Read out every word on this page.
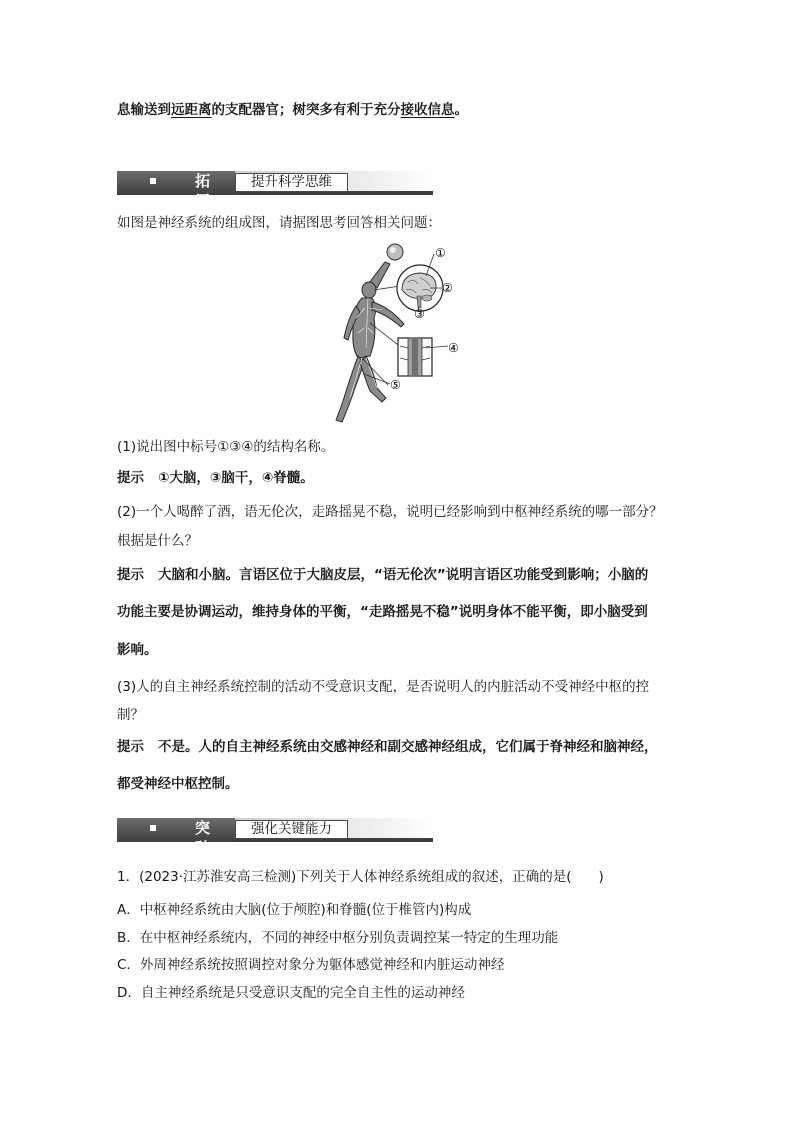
息输送到远距离的支配器官；树突多有利于充分接收信息。
拓展
提升科学思维
如图是神经系统的组成图，请据图思考回答相关问题：
①
②
③
④
⑤
(1)说出图中标号①③④的结构名称。
提示 ①大脑，③脑干，④脊髓。
(2)一个人喝醉了酒，语无伦次，走路摇晃不稳，说明已经影响到中枢神经系统的哪一部分？
根据是什么？
提示 大脑和小脑。言语区位于大脑皮层，“语无伦次”说明言语区功能受到影响；小脑的
功能主要是协调运动，维持身体的平衡，“走路摇晃不稳”说明身体不能平衡，即小脑受到
影响。
(3)人的自主神经系统控制的活动不受意识支配，是否说明人的内脏活动不受神经中枢的控
制？
提示 不是。人的自主神经系统由交感神经和副交感神经组成，它们属于脊神经和脑神经，
都受神经中枢控制。
突破
强化关键能力
1．(2023·江苏淮安高三检测)下列关于人体神经系统组成的叙述，正确的是(　　)
A．中枢神经系统由大脑(位于颅腔)和脊髓(位于椎管内)构成
B．在中枢神经系统内，不同的神经中枢分别负责调控某一特定的生理功能
C．外周神经系统按照调控对象分为躯体感觉神经和内脏运动神经
D．自主神经系统是只受意识支配的完全自主性的运动神经
